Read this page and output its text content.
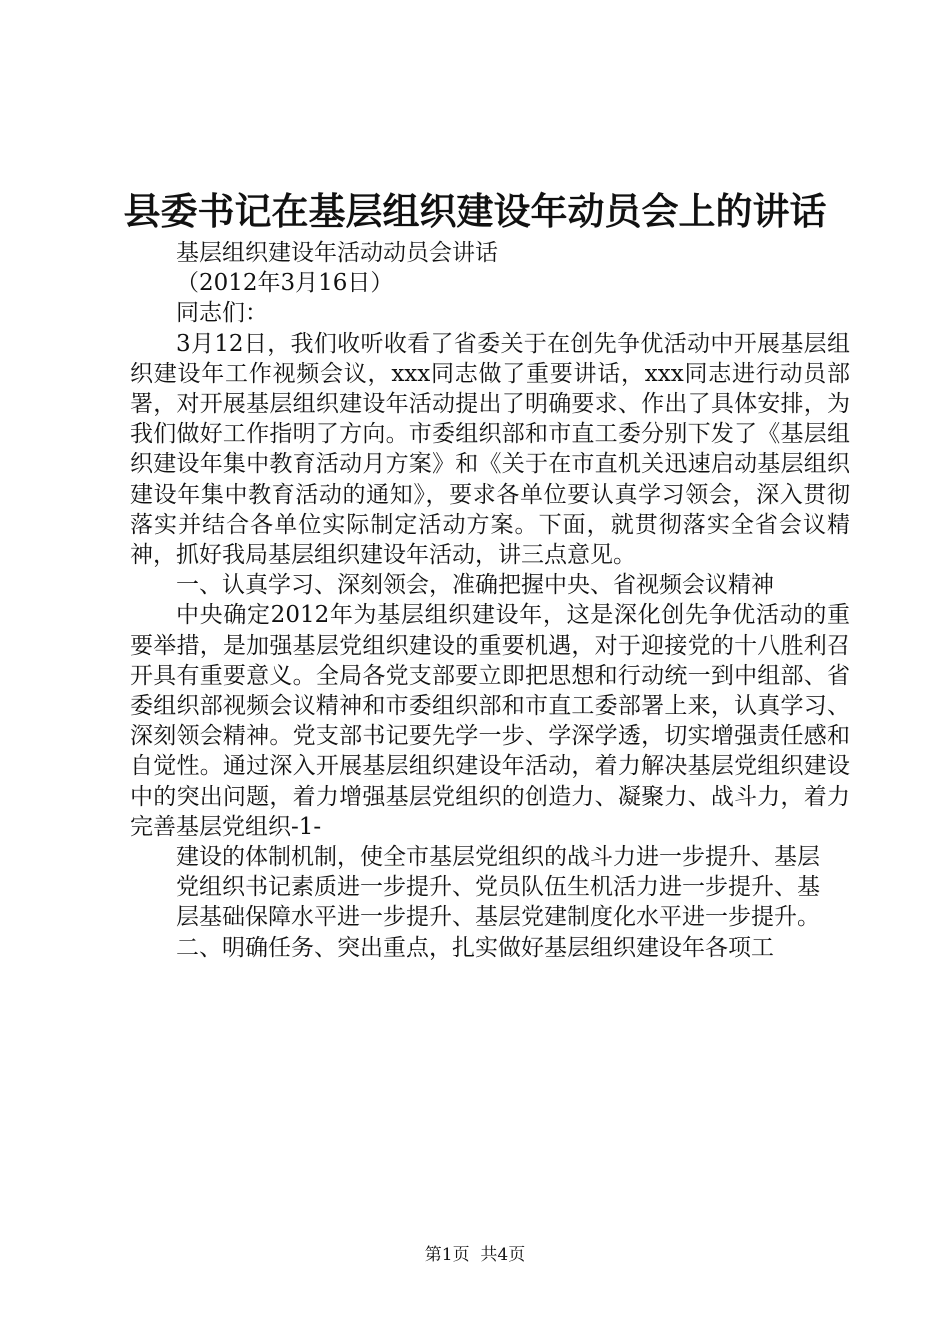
县委书记在基层组织建设年动员会上的讲话

基层组织建设年活动动员会讲话

（2012年3月16日）

同志们：

3月12日，我们收听收看了省委关于在创先争优活动中开展基层组织建设年工作视频会议，xxx同志做了重要讲话，xxx同志进行动员部署，对开展基层组织建设年活动提出了明确要求、作出了具体安排，为我们做好工作指明了方向。市委组织部和市直工委分别下发了《基层组织建设年集中教育活动月方案》和《关于在市直机关迅速启动基层组织建设年集中教育活动的通知》，要求各单位要认真学习领会，深入贯彻落实并结合各单位实际制定活动方案。下面，就贯彻落实全省会议精神，抓好我局基层组织建设年活动，讲三点意见。

一、认真学习、深刻领会，准确把握中央、省视频会议精神

中央确定2012年为基层组织建设年，这是深化创先争优活动的重要举措，是加强基层党组织建设的重要机遇，对于迎接党的十八胜利召开具有重要意义。全局各党支部要立即把思想和行动统一到中组部、省委组织部视频会议精神和市委组织部和市直工委部署上来，认真学习、深刻领会精神。党支部书记要先学一步、学深学透，切实增强责任感和自觉性。通过深入开展基层组织建设年活动，着力解决基层党组织建设中的突出问题，着力增强基层党组织的创造力、凝聚力、战斗力，着力完善基层党组织-1-

建设的体制机制，使全市基层党组织的战斗力进一步提升、基层

党组织书记素质进一步提升、党员队伍生机活力进一步提升、基

层基础保障水平进一步提升、基层党建制度化水平进一步提升。

二、明确任务、突出重点，扎实做好基层组织建设年各项工

第1页  共4页
